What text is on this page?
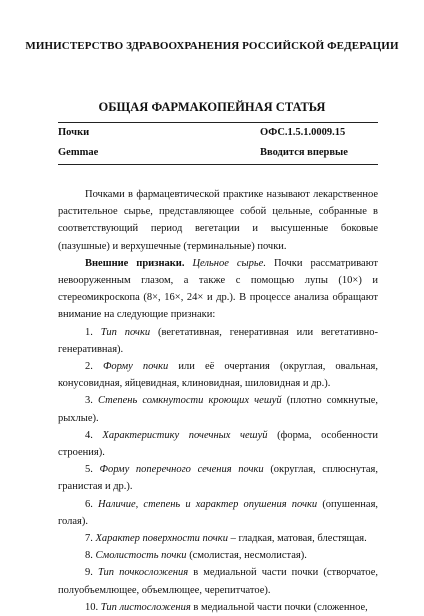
МИНИСТЕРСТВО ЗДРАВООХРАНЕНИЯ РОССИЙСКОЙ ФЕДЕРАЦИИ
ОБЩАЯ ФАРМАКОПЕЙНАЯ СТАТЬЯ
Почки	ОФС.1.5.1.0009.15
Gemmae	Вводится впервые

Почками в фармацевтической практике называют лекарственное растительное сырье, представляющее собой цельные, собранные в соответствующий период вегетации и высушенные боковые (пазушные) и верхушечные (терминальные) почки.

Внешние признаки. Цельное сырье. Почки рассматривают невооруженным глазом, а также с помощью лупы (10×) и стереомикроскопа (8×, 16×, 24× и др.). В процессе анализа обращают внимание на следующие признаки:

1. Тип почки (вегетативная, генеративная или вегетативно-генеративная).

2. Форму почки или её очертания (округлая, овальная, конусовидная, яйцевидная, клиновидная, шиловидная и др.).

3. Степень сомкнутости кроющих чешуй (плотно сомкнутые, рыхлые).

4. Характеристику почечных чешуй (форма, особенности строения).

5. Форму поперечного сечения почки (округлая, сплюснутая, гранистая и др.).

6. Наличие, степень и характер опушения почки (опушенная, голая).

7. Характер поверхности почки – гладкая, матовая, блестящая.

8. Смолистость почки (смолистая, несмолистая).

9. Тип почкосложения в медиальной части почки (створчатое, полуобъемлющее, объемлющее, черепитчатое).

10. Тип листосложения в медиальной части почки (сложенное,
